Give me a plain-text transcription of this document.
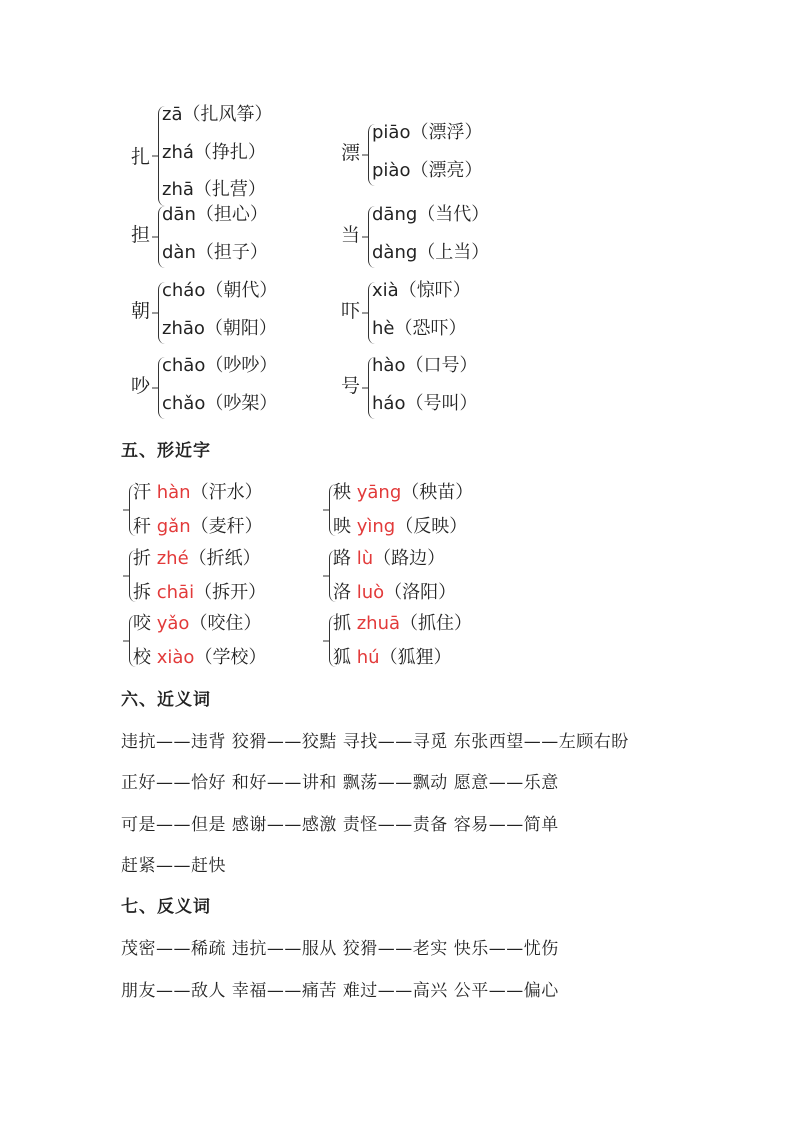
扎
zā（扎风筝）
zhá（挣扎）
zhā（扎营）
担
dān（担心）
dàn（担子）
朝
cháo（朝代）
zhāo（朝阳）
吵
chāo（吵吵）
chǎo（吵架）
漂
piāo（漂浮）
piào（漂亮）
当
dāng（当代）
dàng（上当）
吓
xià（惊吓）
hè（恐吓）
号
hào（口号）
háo（号叫）
五、形近字
汗 hàn（汗水）
秆 gǎn（麦秆）
折 zhé（折纸）
拆 chāi（拆开）
咬 yǎo（咬住）
校 xiào（学校）
秧 yāng（秧苗）
映 yìng（反映）
路 lù（路边）
洛 luò（洛阳）
抓 zhuā（抓住）
狐 hú（狐狸）
六、近义词
违抗——违背 狡猾——狡黠 寻找——寻觅 东张西望——左顾右盼
正好——恰好 和好——讲和 飘荡——飘动 愿意——乐意
可是——但是 感谢——感激 责怪——责备 容易——简单
赶紧——赶快
七、反义词
茂密——稀疏 违抗——服从 狡猾——老实 快乐——忧伤
朋友——敌人 幸福——痛苦 难过——高兴 公平——偏心
